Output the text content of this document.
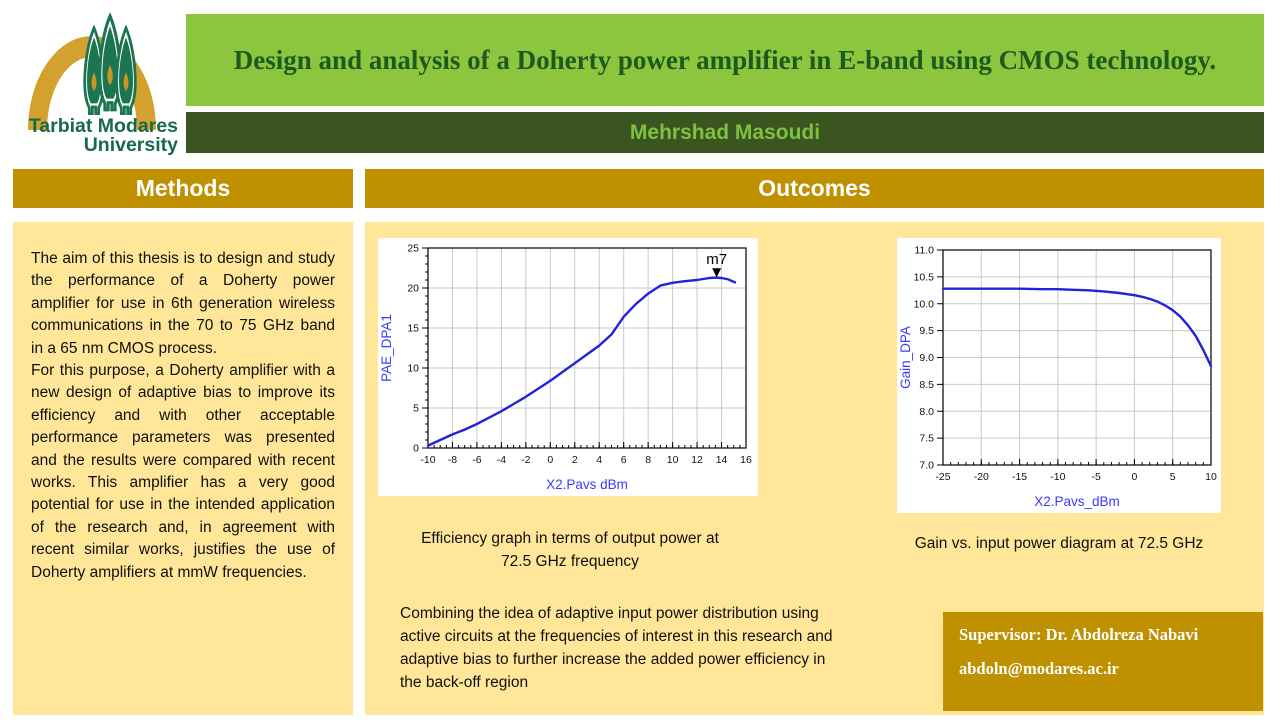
Tarbiat Modares
University
Design and analysis of a Doherty power amplifier in E-band using CMOS technology.
Mehrshad Masoudi
Methods	Outcomes

The aim of this thesis is to design and study the performance of a Doherty power amplifier for use in 6th generation wireless communications in the 70 to 75 GHz band in a 65 nm CMOS process.

For this purpose, a Doherty amplifier with a new design of adaptive bias to improve its efficiency and with other acceptable performance parameters was presented and the results were compared with recent works. This amplifier has a very good potential for use in the intended application of the research and, in agreement with recent similar works, justifies the use of Doherty amplifiers at mmW frequencies.

m7
-10 -8 -6 -4 -2 0 2 4 6 8 10 12 14 16
0
5
10
15
20
25
X2.Pavs dBm
PAE_DPA1
-25 -20 -15 -10 -5	0	5	10
7.0
7.5
8.0
8.5
9.0
9.5
10.0
10.5
11.0
X2.Pavs_dBm
Gain_DPA
Efficiency graph in terms of output power at
72.5 GHz frequency
Gain vs. input power diagram at 72.5 GHz
Combining the idea of adaptive input power distribution using active circuits at the frequencies of interest in this research and adaptive bias to further increase the added power efficiency in the back-off region
Supervisor: Dr. Abdolreza Nabavi
abdoln@modares.ac.ir
